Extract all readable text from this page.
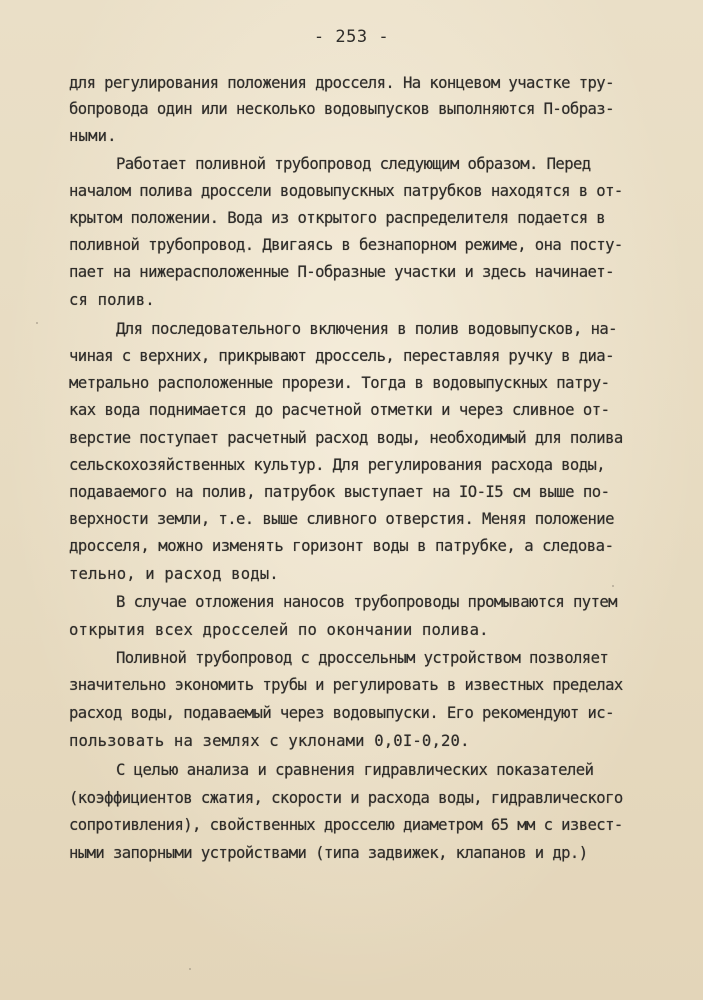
- 253 -
для регулирования положения дросселя. На концевом участке тру-
бопровода один или несколько водовыпусков выполняются П-образ-
ными.
Работает поливной трубопровод следующим образом. Перед
началом полива дроссели водовыпускных патрубков находятся в от-
крытом положении. Вода из открытого распределителя подается в
поливной трубопровод. Двигаясь в безнапорном режиме, она посту-
пает на нижерасположенные П-образные участки и здесь начинает-
ся полив.
Для последовательного включения в полив водовыпусков, на-
чиная с верхних, прикрывают дроссель, переставляя ручку в диа-
метрально расположенные прорези. Тогда в водовыпускных патру-
ках вода поднимается до расчетной отметки и через сливное от-
верстие поступает расчетный расход воды, необходимый для полива
сельскохозяйственных культур. Для регулирования расхода воды,
подаваемого на полив, патрубок выступает на IO-I5 см выше по-
верхности земли, т.е. выше сливного отверстия. Меняя положение
дросселя, можно изменять горизонт воды в патрубке, а следова-
тельно, и расход воды.
В случае отложения наносов трубопроводы промываются путем
открытия всех дросселей по окончании полива.
Поливной трубопровод с дроссельным устройством позволяет
значительно экономить трубы и регулировать в известных пределах
расход воды, подаваемый через водовыпуски. Его рекомендуют ис-
пользовать на землях с уклонами 0,0I-0,20.
С целью анализа и сравнения гидравлических показателей
(коэффициентов сжатия, скорости и расхода воды, гидравлического
сопротивления), свойственных дросселю диаметром 65 мм с извест-
ными запорными устройствами (типа задвижек, клапанов и др.)
